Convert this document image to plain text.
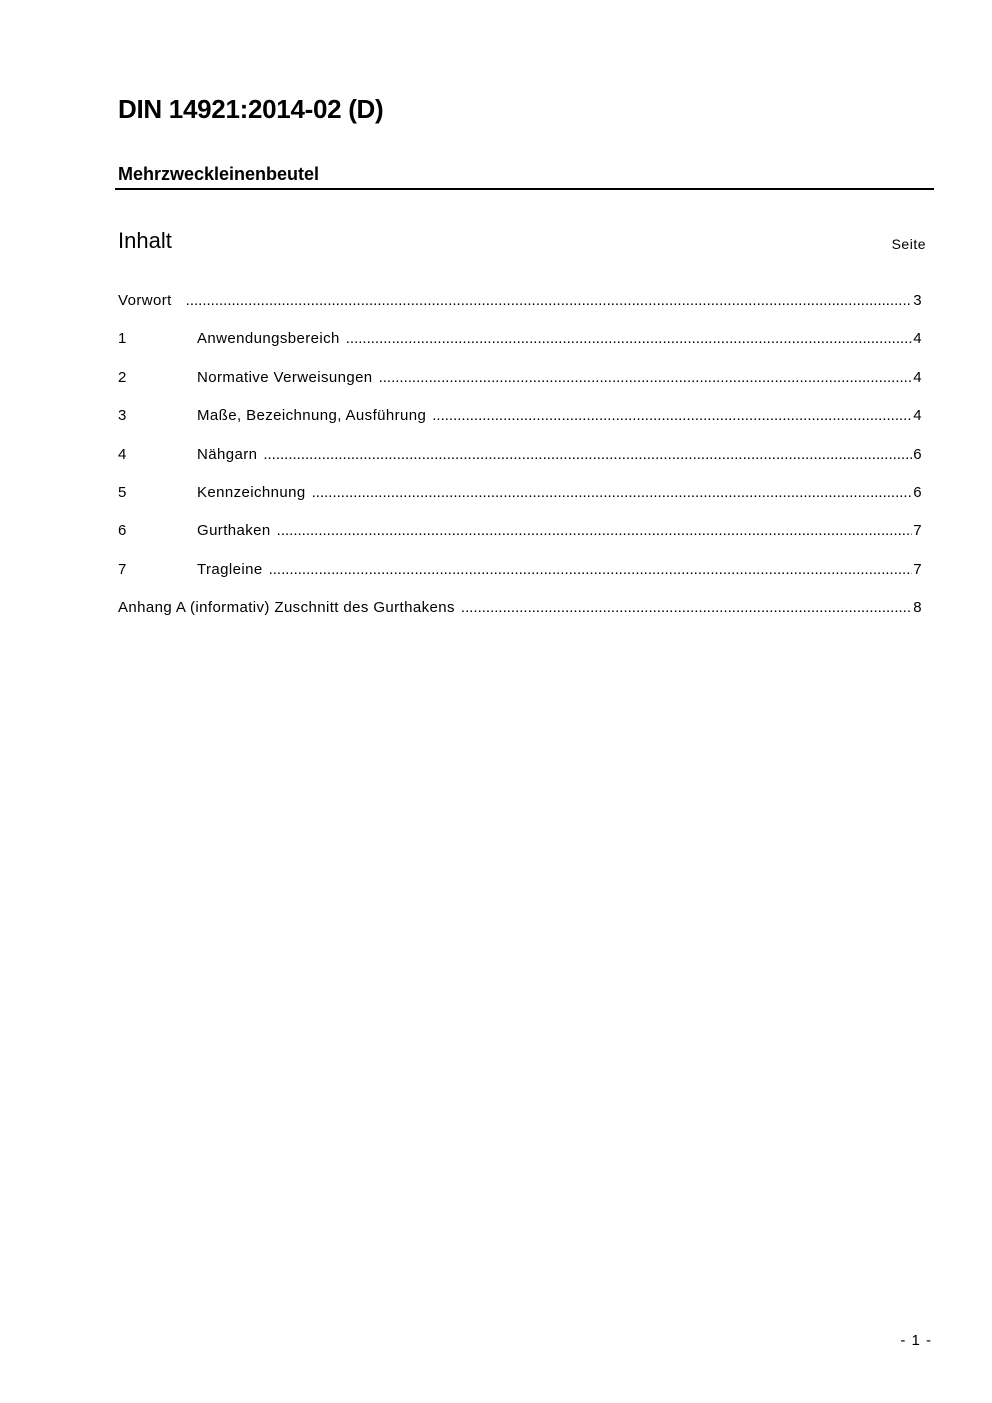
DIN 14921:2014-02 (D)
Mehrzweckleinenbeutel
Inhalt	Seite
Vorwort .....	3
1	Anwendungsbereich .....	4
2	Normative Verweisungen .....	4
3	Maße, Bezeichnung, Ausführung .....	4
4	Nähgarn .....	6
5	Kennzeichnung .....	6
6	Gurthaken .....	7
7	Tragleine .....	7
Anhang A (informativ) Zuschnitt des Gurthakens .....	8
- 1 -
